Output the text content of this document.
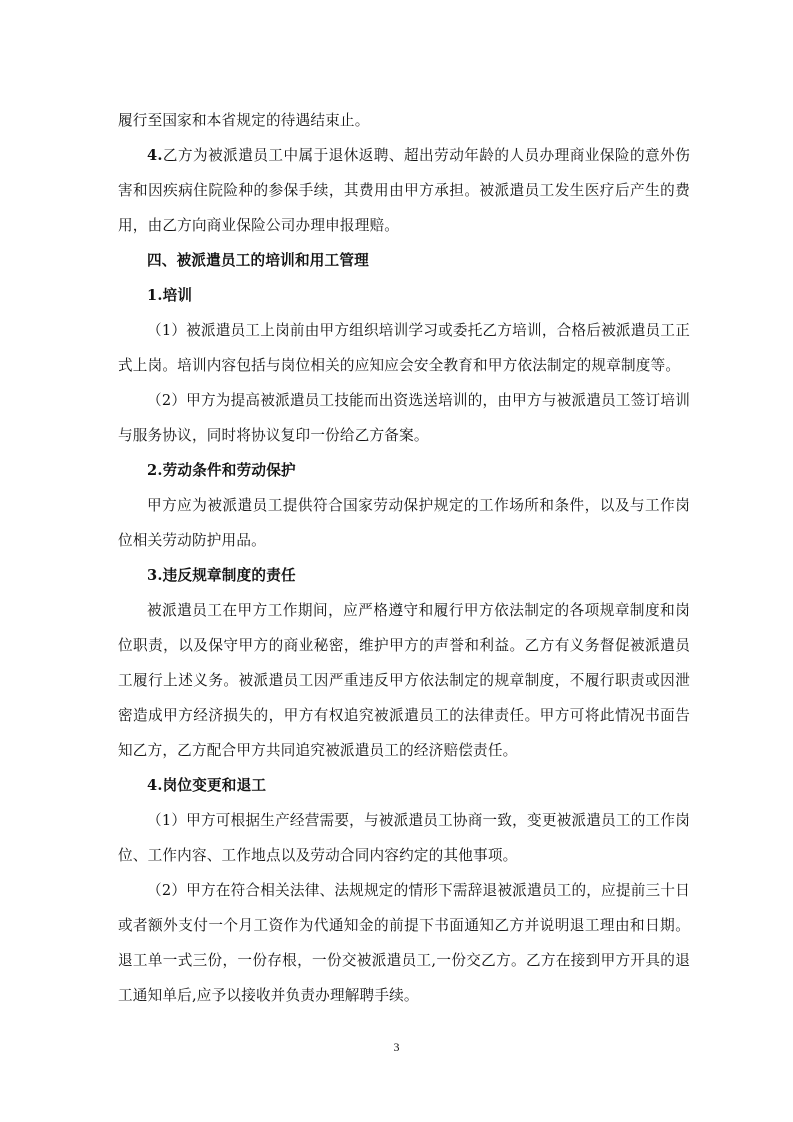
履行至国家和本省规定的待遇结束止。

4.乙方为被派遣员工中属于退休返聘、超出劳动年龄的人员办理商业保险的意外伤害和因疾病住院险种的参保手续，其费用由甲方承担。被派遣员工发生医疗后产生的费用，由乙方向商业保险公司办理申报理赔。

四、被派遣员工的培训和用工管理

1.培训

（1）被派遣员工上岗前由甲方组织培训学习或委托乙方培训，合格后被派遣员工正式上岗。培训内容包括与岗位相关的应知应会安全教育和甲方依法制定的规章制度等。

（2）甲方为提高被派遣员工技能而出资选送培训的，由甲方与被派遣员工签订培训与服务协议，同时将协议复印一份给乙方备案。

2.劳动条件和劳动保护

甲方应为被派遣员工提供符合国家劳动保护规定的工作场所和条件，以及与工作岗位相关劳动防护用品。

3.违反规章制度的责任

被派遣员工在甲方工作期间，应严格遵守和履行甲方依法制定的各项规章制度和岗位职责，以及保守甲方的商业秘密，维护甲方的声誉和利益。乙方有义务督促被派遣员工履行上述义务。被派遣员工因严重违反甲方依法制定的规章制度，不履行职责或因泄密造成甲方经济损失的，甲方有权追究被派遣员工的法律责任。甲方可将此情况书面告知乙方，乙方配合甲方共同追究被派遣员工的经济赔偿责任。

4.岗位变更和退工

（1）甲方可根据生产经营需要，与被派遣员工协商一致，变更被派遣员工的工作岗位、工作内容、工作地点以及劳动合同内容约定的其他事项。

（2）甲方在符合相关法律、法规规定的情形下需辞退被派遣员工的，应提前三十日或者额外支付一个月工资作为代通知金的前提下书面通知乙方并说明退工理由和日期。退工单一式三份，一份存根，一份交被派遣员工,一份交乙方。乙方在接到甲方开具的退工通知单后,应予以接收并负责办理解聘手续。

3
